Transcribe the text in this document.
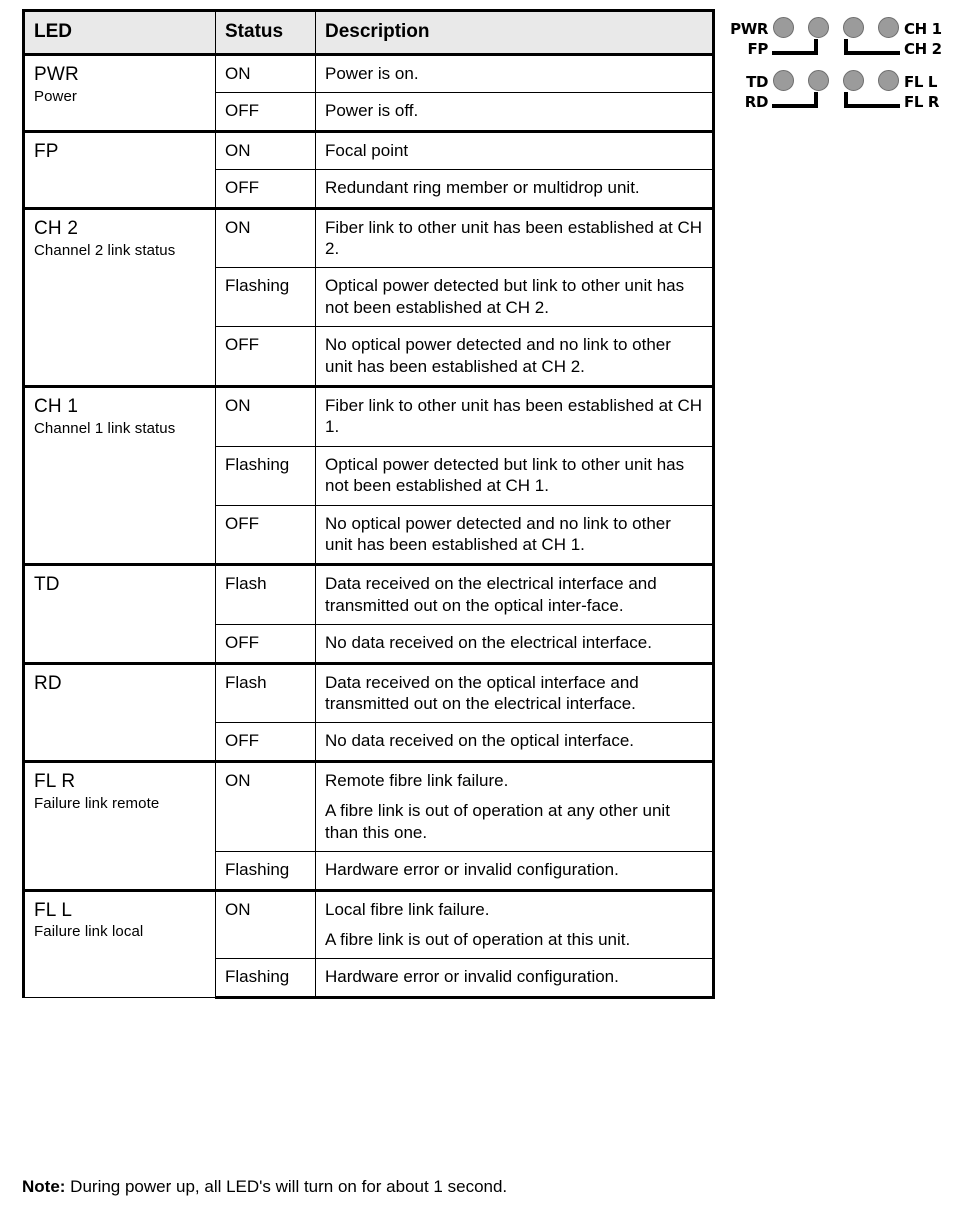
LED	Status	Description

PWR
Power	ON	Power is on.

	OFF	Power is off.

FP	ON	Focal point

	OFF	Redundant ring member or multidrop unit.

CH 2
Channel 2 link status	ON	Fiber link to other unit has been established at CH 2.

	Flashing	Optical power detected but link to other unit has not been established at CH 2.

	OFF	No optical power detected and no link to other unit has been established at CH 2.

CH 1
Channel 1 link status	ON	Fiber link to other unit has been established at CH 1.

	Flashing	Optical power detected but link to other unit has not been established at CH 1.

	OFF	No optical power detected and no link to other unit has been established at CH 1.

TD	Flash	Data received on the electrical interface and transmitted out on the optical inter-face.

	OFF	No data received on the electrical interface.

RD	Flash	Data received on the optical interface and transmitted out on the electrical interface.

	OFF	No data received on the optical interface.

FL R
Failure link remote	ON	Remote fibre link failure.
A fibre link is out of operation at any other unit than this one.

	Flashing	Hardware error or invalid configuration.

FL L
Failure link local	ON	Local fibre link failure.
A fibre link is out of operation at this unit.

	Flashing	Hardware error or invalid configuration.
Note: During power up, all LED's will turn on for about 1 second.
PWR
FP
CH 1
CH 2
TD
RD
FL L
FL R
